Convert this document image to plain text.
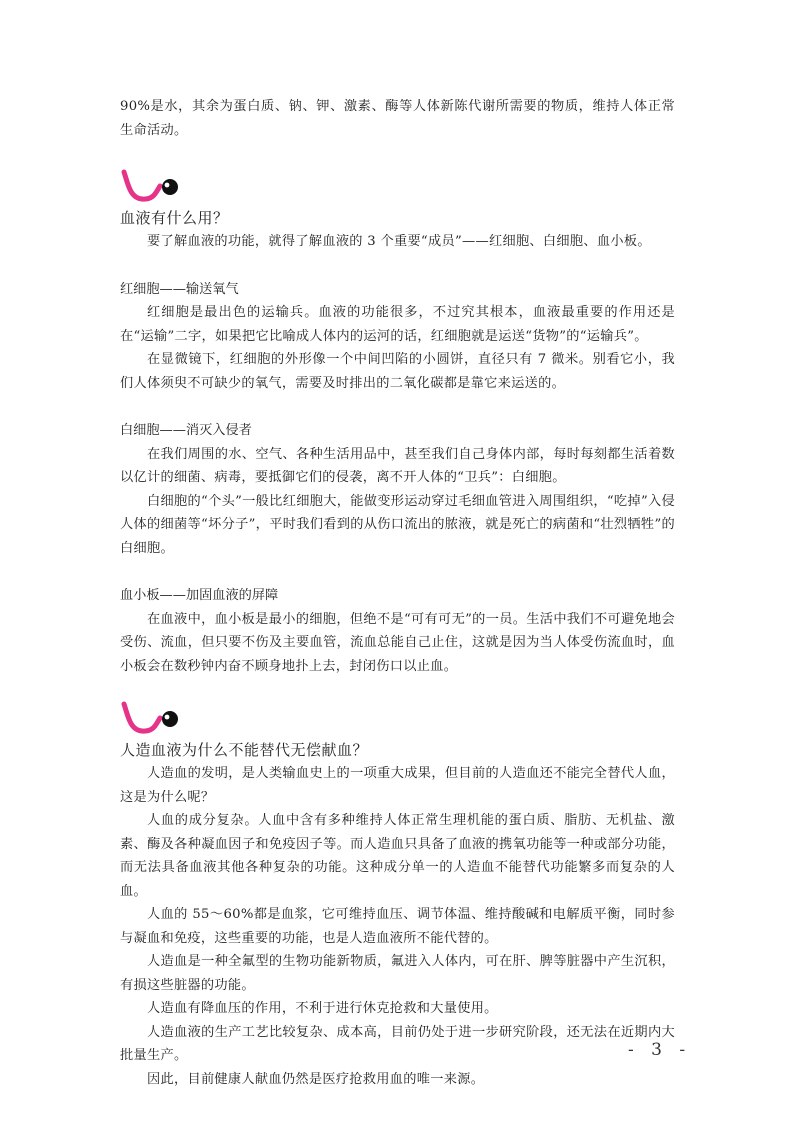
90%是水，其余为蛋白质、钠、钾、激素、酶等人体新陈代谢所需要的物质，维持人体正常生命活动。

血液有什么用？

要了解血液的功能，就得了解血液的 3 个重要“成员”——红细胞、白细胞、血小板。

红细胞——输送氧气

红细胞是最出色的运输兵。血液的功能很多，不过究其根本，血液最重要的作用还是在“运输”二字，如果把它比喻成人体内的运河的话，红细胞就是运送“货物”的“运输兵”。

在显微镜下，红细胞的外形像一个中间凹陷的小圆饼，直径只有 7 微米。别看它小，我们人体须臾不可缺少的氧气，需要及时排出的二氧化碳都是靠它来运送的。

白细胞——消灭入侵者

在我们周围的水、空气、各种生活用品中，甚至我们自己身体内部，每时每刻都生活着数以亿计的细菌、病毒，要抵御它们的侵袭，离不开人体的“卫兵”：白细胞。

白细胞的“个头”一般比红细胞大，能做变形运动穿过毛细血管进入周围组织，“吃掉”入侵人体的细菌等“坏分子”，平时我们看到的从伤口流出的脓液，就是死亡的病菌和“壮烈牺牲”的白细胞。

血小板——加固血液的屏障

在血液中，血小板是最小的细胞，但绝不是“可有可无”的一员。生活中我们不可避免地会受伤、流血，但只要不伤及主要血管，流血总能自己止住，这就是因为当人体受伤流血时，血小板会在数秒钟内奋不顾身地扑上去，封闭伤口以止血。

人造血液为什么不能替代无偿献血？

人造血的发明，是人类输血史上的一项重大成果，但目前的人造血还不能完全替代人血，这是为什么呢？

人血的成分复杂。人血中含有多种维持人体正常生理机能的蛋白质、脂肪、无机盐、激素、酶及各种凝血因子和免疫因子等。而人造血只具备了血液的携氧功能等一种或部分功能，而无法具备血液其他各种复杂的功能。这种成分单一的人造血不能替代功能繁多而复杂的人血。

人血的 55～60%都是血浆，它可维持血压、调节体温、维持酸碱和电解质平衡，同时参与凝血和免疫，这些重要的功能，也是人造血液所不能代替的。

人造血是一种全氟型的生物功能新物质，氟进入人体内，可在肝、脾等脏器中产生沉积，有损这些脏器的功能。

人造血有降血压的作用，不利于进行休克抢救和大量使用。

人造血液的生产工艺比较复杂、成本高，目前仍处于进一步研究阶段，还无法在近期内大批量生产。

因此，目前健康人献血仍然是医疗抢救用血的唯一来源。

- 3 -
